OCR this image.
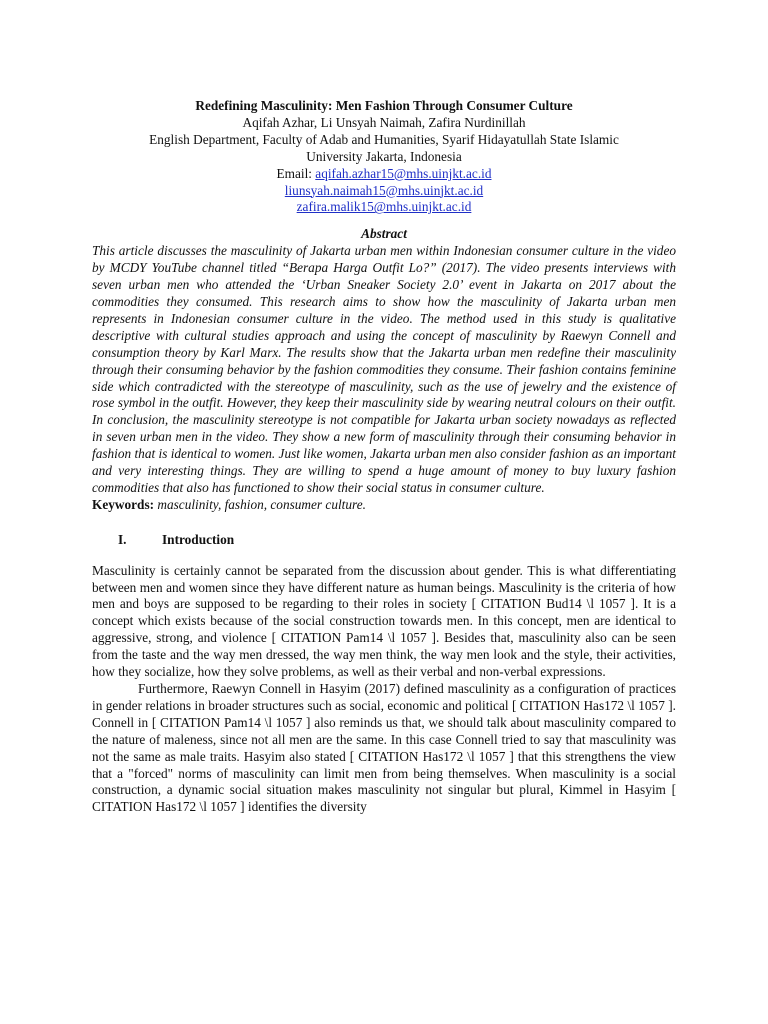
Redefining Masculinity: Men Fashion Through Consumer Culture
Aqifah Azhar, Li Unsyah Naimah, Zafira Nurdinillah
English Department, Faculty of Adab and Humanities, Syarif Hidayatullah State Islamic
University Jakarta, Indonesia
Email: aqifah.azhar15@mhs.uinjkt.ac.id
liunsyah.naimah15@mhs.uinjkt.ac.id
zafira.malik15@mhs.uinjkt.ac.id
Abstract
This article discusses the masculinity of Jakarta urban men within Indonesian consumer culture in the video by MCDY YouTube channel titled “Berapa Harga Outfit Lo?” (2017). The video presents interviews with seven urban men who attended the ‘Urban Sneaker Society 2.0’ event in Jakarta on 2017 about the commodities they consumed. This research aims to show how the masculinity of Jakarta urban men represents in Indonesian consumer culture in the video. The method used in this study is qualitative descriptive with cultural studies approach and using the concept of masculinity by Raewyn Connell and consumption theory by Karl Marx. The results show that the Jakarta urban men redefine their masculinity through their consuming behavior by the fashion commodities they consume. Their fashion contains feminine side which contradicted with the stereotype of masculinity, such as the use of jewelry and the existence of rose symbol in the outfit. However, they keep their masculinity side by wearing neutral colours on their outfit. In conclusion, the masculinity stereotype is not compatible for Jakarta urban society nowadays as reflected in seven urban men in the video. They show a new form of masculinity through their consuming behavior in fashion that is identical to women. Just like women, Jakarta urban men also consider fashion as an important and very interesting things. They are willing to spend a huge amount of money to buy luxury fashion commodities that also has functioned to show their social status in consumer culture.
Keywords: masculinity, fashion, consumer culture.
I.	Introduction

Masculinity is certainly cannot be separated from the discussion about gender. This is what differentiating between men and women since they have different nature as human beings. Masculinity is the criteria of how men and boys are supposed to be regarding to their roles in society [ CITATION Bud14 \l 1057 ]. It is a concept which exists because of the social construction towards men. In this concept, men are identical to aggressive, strong, and violence [ CITATION Pam14 \l 1057 ]. Besides that, masculinity also can be seen from the taste and the way men dressed, the way men think, the way men look and the style, their activities, how they socialize, how they solve problems, as well as their verbal and non-verbal expressions.

Furthermore, Raewyn Connell in Hasyim (2017) defined masculinity as a configuration of practices in gender relations in broader structures such as social, economic and political [ CITATION Has172 \l 1057 ]. Connell in [ CITATION Pam14 \l 1057 ] also reminds us that, we should talk about masculinity compared to the nature of maleness, since not all men are the same. In this case Connell tried to say that masculinity was not the same as male traits. Hasyim also stated [ CITATION Has172 \l 1057 ] that this strengthens the view that a "forced" norms of masculinity can limit men from being themselves. When masculinity is a social construction, a dynamic social situation makes masculinity not singular but plural, Kimmel in Hasyim [ CITATION Has172 \l 1057 ] identifies the diversity
